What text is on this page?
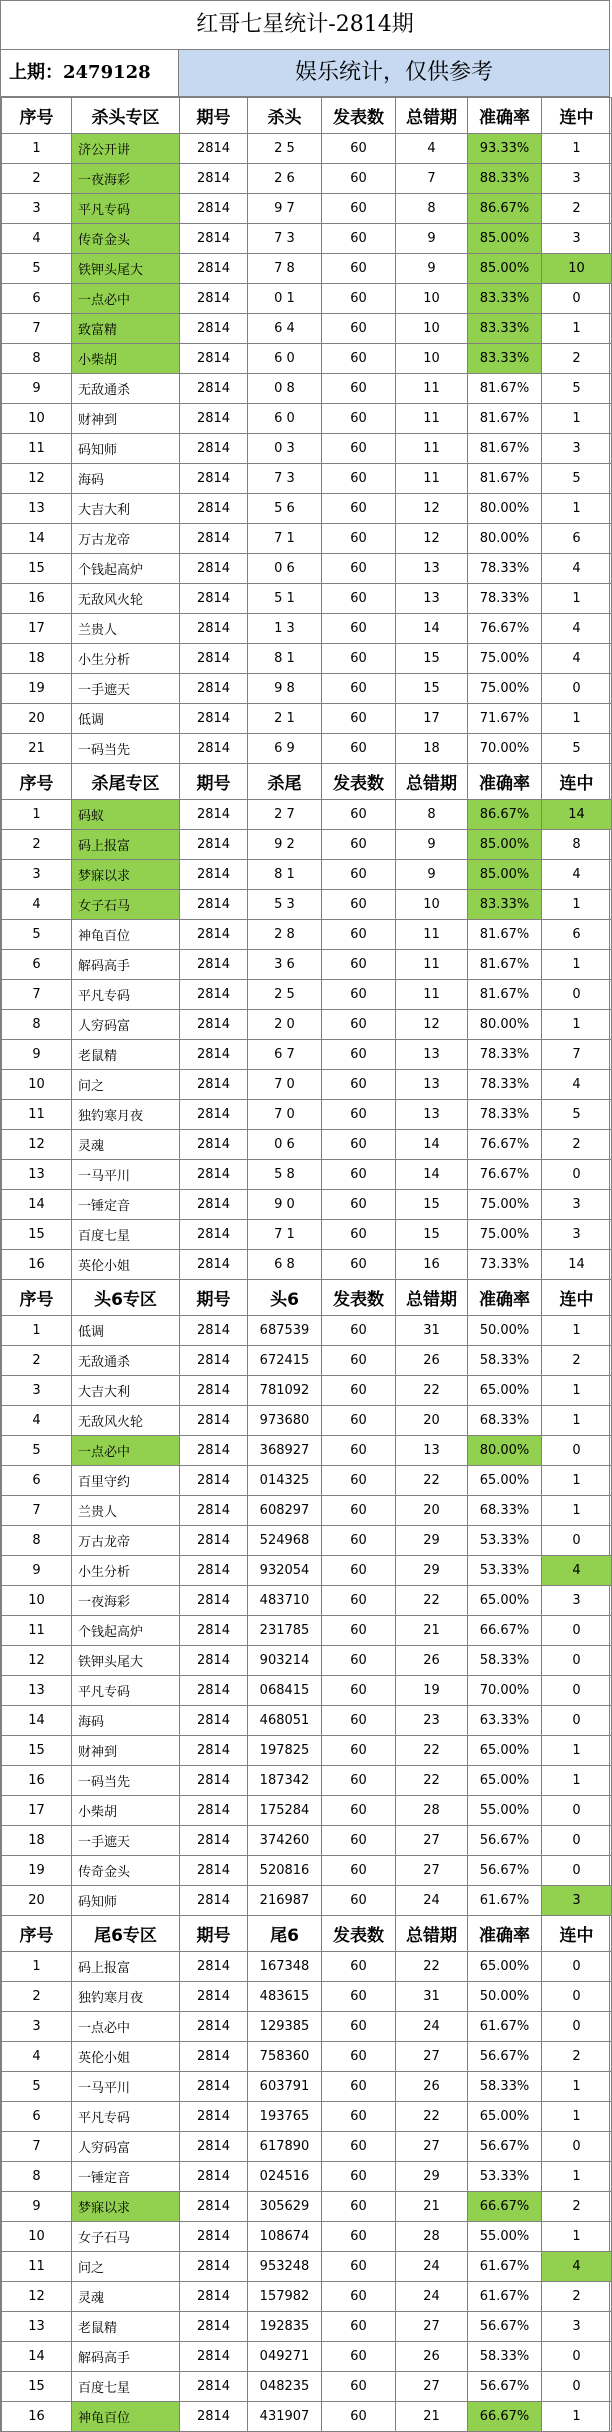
红哥七星统计-2814期
上期：2479128	娱乐统计，仅供参考
序号	杀头专区	期号	杀头	发表数	总错期	准确率	连中
1	济公开讲	2814	2 5	60	4	93.33%	1
2	一夜海彩	2814	2 6	60	7	88.33%	3
3	平凡专码	2814	9 7	60	8	86.67%	2
4	传奇金头	2814	7 3	60	9	85.00%	3
5	铁钾头尾大	2814	7 8	60	9	85.00%	10
6	一点必中	2814	0 1	60	10	83.33%	0
7	致富精	2814	6 4	60	10	83.33%	1
8	小柴胡	2814	6 0	60	10	83.33%	2
9	无敌通杀	2814	0 8	60	11	81.67%	5
10	财神到	2814	6 0	60	11	81.67%	1
11	码知师	2814	0 3	60	11	81.67%	3
12	海码	2814	7 3	60	11	81.67%	5
13	大吉大利	2814	5 6	60	12	80.00%	1
14	万古龙帝	2814	7 1	60	12	80.00%	6
15	个钱起高炉	2814	0 6	60	13	78.33%	4
16	无敌风火轮	2814	5 1	60	13	78.33%	1
17	兰贵人	2814	1 3	60	14	76.67%	4
18	小生分析	2814	8 1	60	15	75.00%	4
19	一手遮天	2814	9 8	60	15	75.00%	0
20	低调	2814	2 1	60	17	71.67%	1
21	一码当先	2814	6 9	60	18	70.00%	5
序号	杀尾专区	期号	杀尾	发表数	总错期	准确率	连中
1	码蚁	2814	2 7	60	8	86.67%	14
2	码上报富	2814	9 2	60	9	85.00%	8
3	梦寐以求	2814	8 1	60	9	85.00%	4
4	女子石马	2814	5 3	60	10	83.33%	1
5	神龟百位	2814	2 8	60	11	81.67%	6
6	解码高手	2814	3 6	60	11	81.67%	1
7	平凡专码	2814	2 5	60	11	81.67%	0
8	人穷码富	2814	2 0	60	12	80.00%	1
9	老鼠精	2814	6 7	60	13	78.33%	7
10	问之	2814	7 0	60	13	78.33%	4
11	独钓寒月夜	2814	7 0	60	13	78.33%	5
12	灵魂	2814	0 6	60	14	76.67%	2
13	一马平川	2814	5 8	60	14	76.67%	0
14	一锤定音	2814	9 0	60	15	75.00%	3
15	百度七星	2814	7 1	60	15	75.00%	3
16	英伦小姐	2814	6 8	60	16	73.33%	14
序号	头6专区	期号	头6	发表数	总错期	准确率	连中
1	低调	2814	687539	60	31	50.00%	1
2	无敌通杀	2814	672415	60	26	58.33%	2
3	大吉大利	2814	781092	60	22	65.00%	1
4	无敌风火轮	2814	973680	60	20	68.33%	1
5	一点必中	2814	368927	60	13	80.00%	0
6	百里守约	2814	014325	60	22	65.00%	1
7	兰贵人	2814	608297	60	20	68.33%	1
8	万古龙帝	2814	524968	60	29	53.33%	0
9	小生分析	2814	932054	60	29	53.33%	4
10	一夜海彩	2814	483710	60	22	65.00%	3
11	个钱起高炉	2814	231785	60	21	66.67%	0
12	铁钾头尾大	2814	903214	60	26	58.33%	0
13	平凡专码	2814	068415	60	19	70.00%	0
14	海码	2814	468051	60	23	63.33%	0
15	财神到	2814	197825	60	22	65.00%	1
16	一码当先	2814	187342	60	22	65.00%	1
17	小柴胡	2814	175284	60	28	55.00%	0
18	一手遮天	2814	374260	60	27	56.67%	0
19	传奇金头	2814	520816	60	27	56.67%	0
20	码知师	2814	216987	60	24	61.67%	3
序号	尾6专区	期号	尾6	发表数	总错期	准确率	连中
1	码上报富	2814	167348	60	22	65.00%	0
2	独钓寒月夜	2814	483615	60	31	50.00%	0
3	一点必中	2814	129385	60	24	61.67%	0
4	英伦小姐	2814	758360	60	27	56.67%	2
5	一马平川	2814	603791	60	26	58.33%	1
6	平凡专码	2814	193765	60	22	65.00%	1
7	人穷码富	2814	617890	60	27	56.67%	0
8	一锤定音	2814	024516	60	29	53.33%	1
9	梦寐以求	2814	305629	60	21	66.67%	2
10	女子石马	2814	108674	60	28	55.00%	1
11	问之	2814	953248	60	24	61.67%	4
12	灵魂	2814	157982	60	24	61.67%	2
13	老鼠精	2814	192835	60	27	56.67%	3
14	解码高手	2814	049271	60	26	58.33%	0
15	百度七星	2814	048235	60	27	56.67%	0
16	神龟百位	2814	431907	60	21	66.67%	1
